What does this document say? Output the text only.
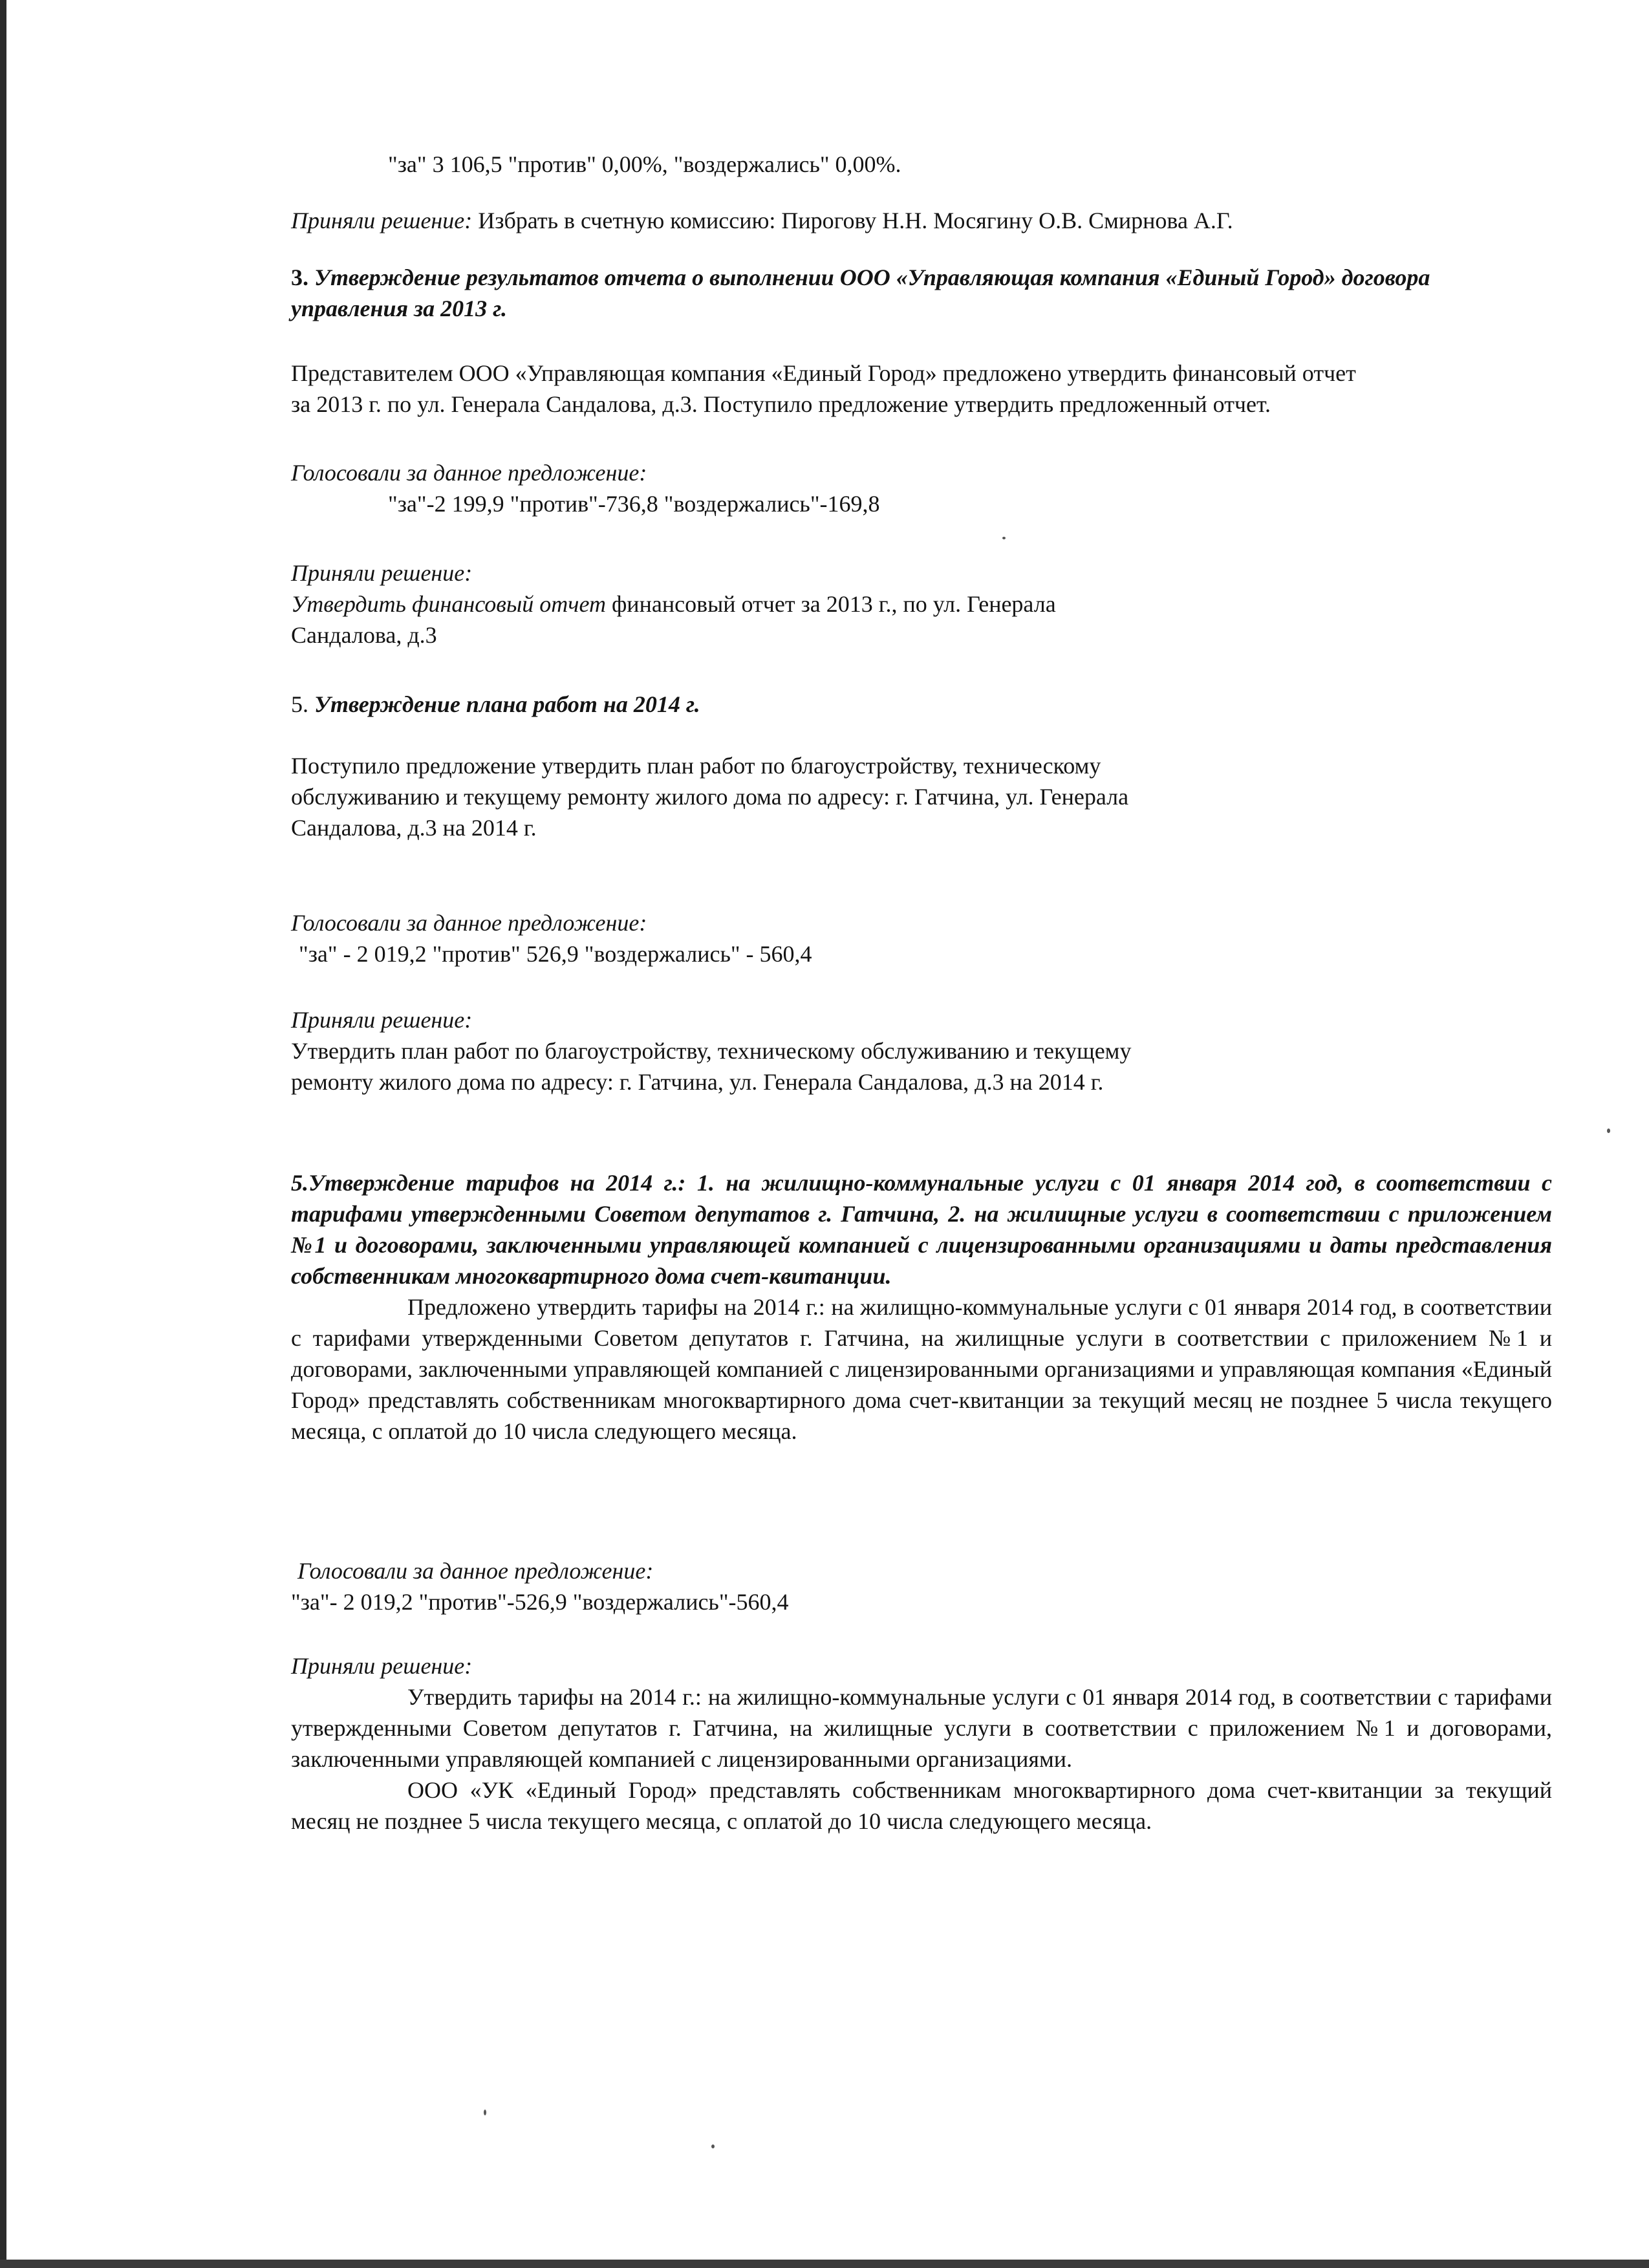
"за" 3 106,5 "против" 0,00%, "воздержались" 0,00%.

Приняли решение: Избрать в счетную комиссию: Пирогову Н.Н. Мосягину О.В. Смирнова А.Г.

3. Утверждение результатов отчета о выполнении ООО «Управляющая компания «Единый Город» договора управления за 2013 г.

Представителем ООО «Управляющая компания «Единый Город» предложено утвердить финансовый отчет

за 2013 г. по ул. Генерала Сандалова, д.3. Поступило предложение утвердить предложенный отчет.

Голосовали за данное предложение:

"за"-2 199,9 "против"-736,8 "воздержались"-169,8

Приняли решение:

Утвердить финансовый отчет финансовый отчет за 2013 г., по ул. Генерала

Сандалова, д.3

5. Утверждение плана работ на 2014 г.

Поступило предложение утвердить план работ по благоустройству, техническому

обслуживанию и текущему ремонту жилого дома по адресу: г. Гатчина, ул. Генерала

Сандалова, д.3 на 2014 г.

Голосовали за данное предложение:

"за" - 2 019,2 "против" 526,9 "воздержались" - 560,4

Приняли решение:

Утвердить план работ по благоустройству, техническому обслуживанию и текущему

ремонту жилого дома по адресу: г. Гатчина, ул. Генерала Сандалова, д.3 на 2014 г.

5.Утверждение тарифов на 2014 г.: 1. на жилищно-коммунальные услуги с 01 января 2014 год, в соответствии с тарифами утвержденными Советом депутатов г. Гатчина, 2. на жилищные услуги в соответствии с приложением №1 и договорами, заключенными управляющей компанией с лицензированными организациями и даты представления собственникам многоквартирного дома счет-квитанции.

Предложено утвердить тарифы на 2014 г.: на жилищно-коммунальные услуги с 01 января 2014 год, в соответствии с тарифами утвержденными Советом депутатов г. Гатчина, на жилищные услуги в соответствии с приложением №1 и договорами, заключенными управляющей компанией с лицензированными организациями и управляющая компания «Единый Город» представлять собственникам многоквартирного дома счет-квитанции за текущий месяц не позднее 5 числа текущего месяца, с оплатой до 10 числа следующего месяца.

Голосовали за данное предложение:

"за"- 2 019,2 "против"-526,9 "воздержались"-560,4

Приняли решение:

Утвердить тарифы на 2014 г.: на жилищно-коммунальные услуги с 01 января 2014 год, в соответствии с тарифами утвержденными Советом депутатов г. Гатчина, на жилищные услуги в соответствии с приложением №1 и договорами, заключенными управляющей компанией с лицензированными организациями.

ООО «УК «Единый Город» представлять собственникам многоквартирного дома счет-квитанции за текущий месяц не позднее 5 числа текущего месяца, с оплатой до 10 числа следующего месяца.
